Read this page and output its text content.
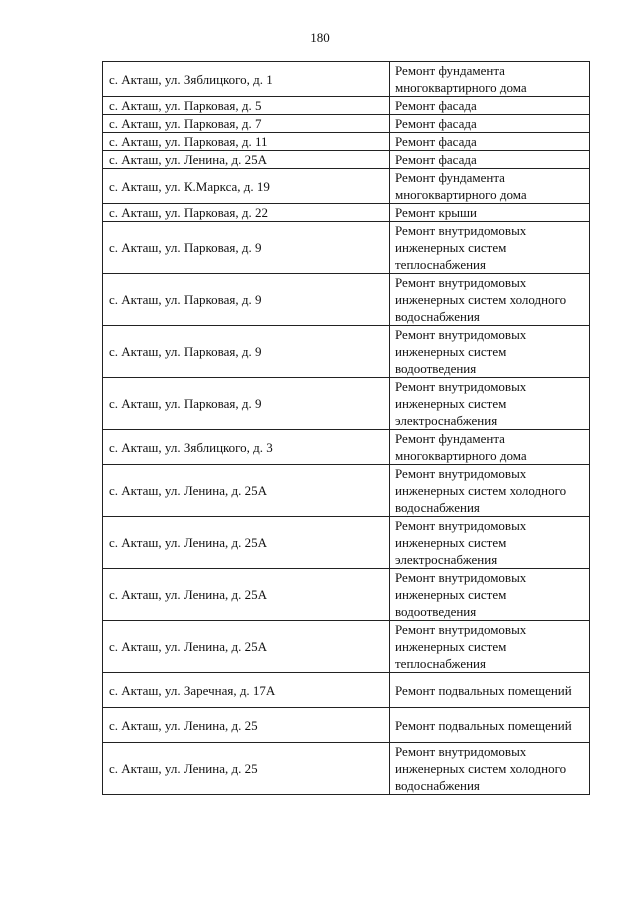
180
с. Акташ, ул. Зяблицкого, д. 1	Ремонт фундамента многоквартирного дома
с. Акташ, ул. Парковая, д. 5	Ремонт фасада
с. Акташ, ул. Парковая, д. 7	Ремонт фасада
с. Акташ, ул. Парковая, д. 11	Ремонт фасада
с. Акташ, ул. Ленина, д. 25А	Ремонт фасада
с. Акташ, ул. К.Маркса, д. 19	Ремонт фундамента многоквартирного дома
с. Акташ, ул. Парковая, д. 22	Ремонт крыши
с. Акташ, ул. Парковая, д. 9	Ремонт внутридомовых инженерных систем теплоснабжения
с. Акташ, ул. Парковая, д. 9	Ремонт внутридомовых инженерных систем холодного водоснабжения
с. Акташ, ул. Парковая, д. 9	Ремонт внутридомовых инженерных систем водоотведения
с. Акташ, ул. Парковая, д. 9	Ремонт внутридомовых инженерных систем электроснабжения
с. Акташ, ул. Зяблицкого, д. 3	Ремонт фундамента многоквартирного дома
с. Акташ, ул. Ленина, д. 25А	Ремонт внутридомовых инженерных систем холодного водоснабжения
с. Акташ, ул. Ленина, д. 25А	Ремонт внутридомовых инженерных систем электроснабжения
с. Акташ, ул. Ленина, д. 25А	Ремонт внутридомовых инженерных систем водоотведения
с. Акташ, ул. Ленина, д. 25А	Ремонт внутридомовых инженерных систем теплоснабжения
с. Акташ, ул. Заречная, д. 17А	Ремонт подвальных помещений
с. Акташ, ул. Ленина, д. 25	Ремонт подвальных помещений
с. Акташ, ул. Ленина, д. 25	Ремонт внутридомовых инженерных систем холодного водоснабжения
